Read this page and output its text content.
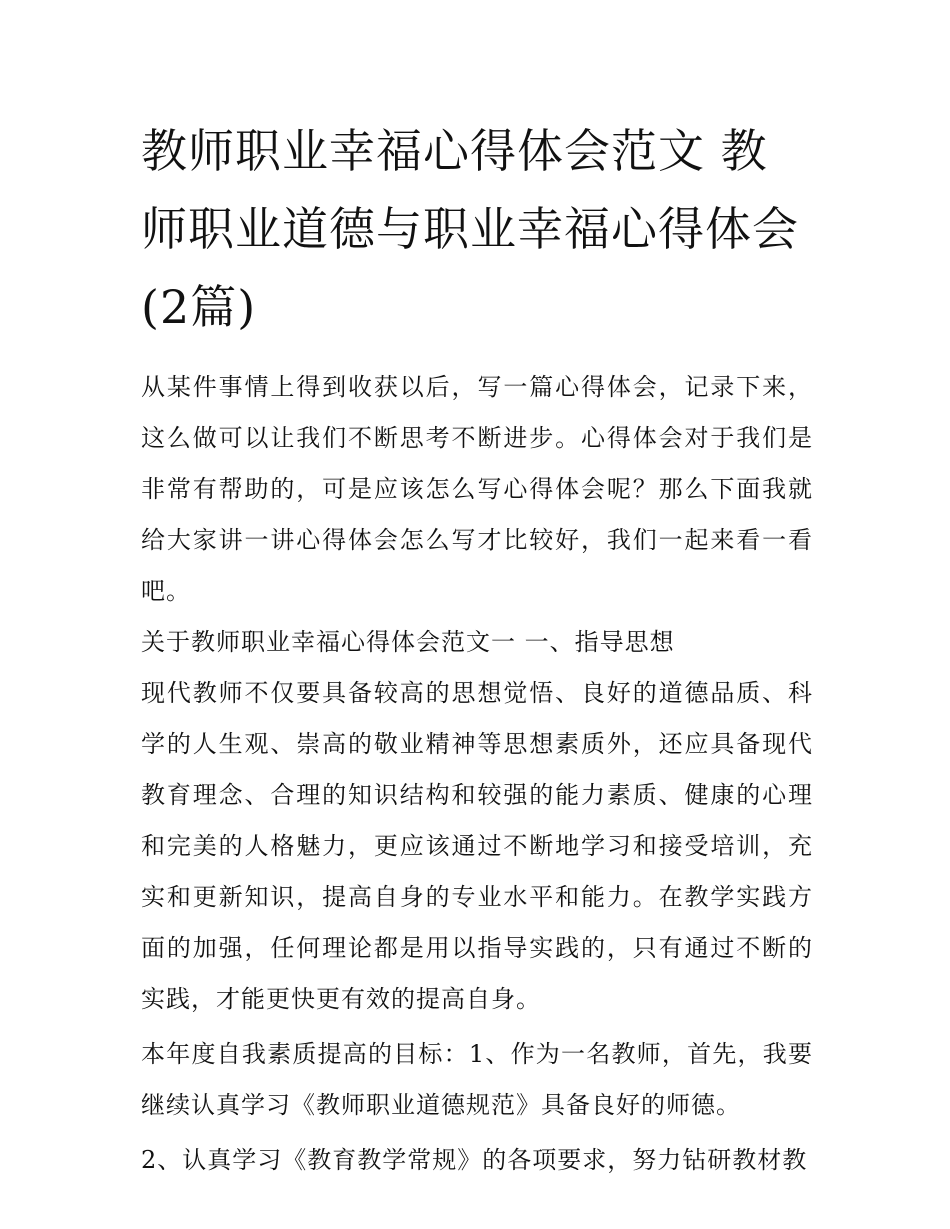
教师职业幸福心得体会范文 教师职业道德与职业幸福心得体会(2篇)

从某件事情上得到收获以后，写一篇心得体会，记录下来，这么做可以让我们不断思考不断进步。心得体会对于我们是非常有帮助的，可是应该怎么写心得体会呢？那么下面我就给大家讲一讲心得体会怎么写才比较好，我们一起来看一看吧。

关于教师职业幸福心得体会范文一 一、指导思想

现代教师不仅要具备较高的思想觉悟、良好的道德品质、科学的人生观、崇高的敬业精神等思想素质外，还应具备现代教育理念、合理的知识结构和较强的能力素质、健康的心理和完美的人格魅力，更应该通过不断地学习和接受培训，充实和更新知识，提高自身的专业水平和能力。在教学实践方面的加强，任何理论都是用以指导实践的，只有通过不断的实践，才能更快更有效的提高自身。

本年度自我素质提高的目标：1、作为一名教师，首先，我要继续认真学习《教师职业道德规范》具备良好的师德。

2、认真学习《教育教学常规》的各项要求，努力钻研教材教
